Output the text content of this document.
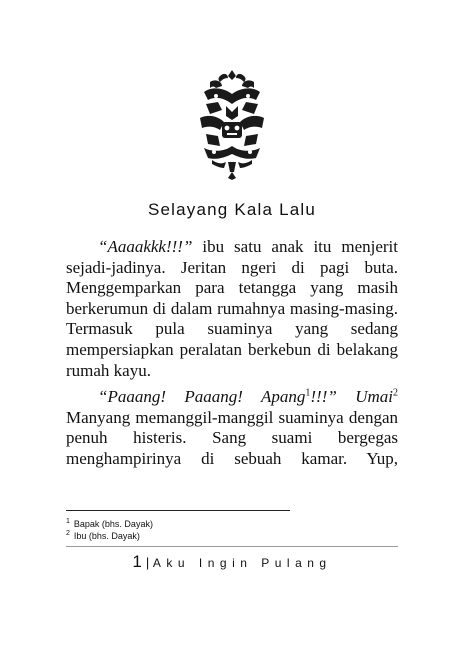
Selayang Kala Lalu

“Aaaakkk!!!” ibu satu anak itu menjerit sejadi-jadinya. Jeritan ngeri di pagi buta. Menggemparkan para tetangga yang masih berkerumun di dalam rumahnya masing-masing. Termasuk pula suaminya yang sedang mempersiapkan peralatan berkebun di belakang rumah kayu.

“Paaang! Paaang! Apang$^1$!!!” Umai$^2$ Manyang memanggil-manggil suaminya dengan penuh histeris. Sang suami bergegas menghampirinya di sebuah kamar. Yup,

$^1$ Bapak (bhs. Dayak)
$^2$ Ibu (bhs. Dayak)
1 | Aku Ingin Pulang
